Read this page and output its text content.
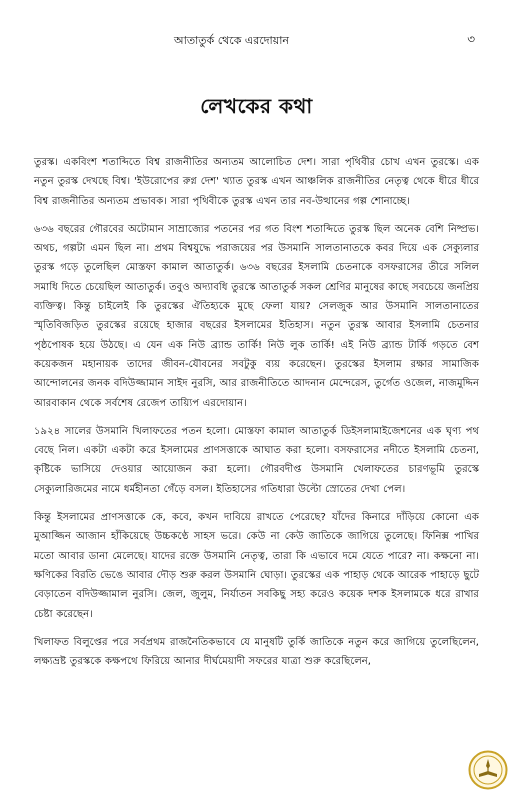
আতাতুর্ক থেকে এরদোয়ান	৩
লেখকের কথা

তুরস্ক। একবিংশ শতাব্দিতে বিশ্ব রাজনীতির অন্যতম আলোচিত দেশ। সারা পৃথিবীর চোখ এখন তুরস্কে। এক নতুন তুরস্ক দেখছে বিশ্ব। 'ইউরোপের রুগ্ন দেশ' খ্যাত তুরস্ক এখন আঞ্চলিক রাজনীতির নেতৃত্ব থেকে ধীরে ধীরে বিশ্ব রাজনীতির অন্যতম প্রভাবক। সারা পৃথিবীকে তুরস্ক এখন তার নব-উত্থানের গল্প শোনাচ্ছে।

৬৩৬ বছরের গৌরবের অটোমান সাম্রাজ্যের পতনের পর গত বিংশ শতাব্দিতে তুরস্ক ছিল অনেক বেশি নিষ্প্রভ। অথচ, গল্পটা এমন ছিল না। প্রথম বিশ্বযুদ্ধে পরাজয়ের পর উসমানি সালতানাতকে কবর দিয়ে এক সেক্যুলার তুরস্ক গড়ে তুলেছিল মোস্তফা কামাল আতাতুর্ক। ৬৩৬ বছরের ইসলামি চেতনাকে বসফরাসের তীরে সলিল সমাধি দিতে চেয়েছিল আতাতুর্ক। তবুও অদ্যাবধি তুরস্কে আতাতুর্ক সকল শ্রেণির মানুষের কাছে সবচেয়ে জনপ্রিয় ব্যক্তিত্ব। কিন্তু চাইলেই কি তুরস্কের ঐতিহ্যকে মুছে ফেলা যায়? সেলজুক আর উসমানি সালতানাতের স্মৃতিবিজড়িত তুরস্কের রয়েছে হাজার বছরের ইসলামের ইতিহাস। নতুন তুরস্ক আবার ইসলামি চেতনার পৃষ্ঠপোষক হয়ে উঠছে। এ যেন এক নিউ ব্র্যান্ড তার্কি! নিউ লুক তার্কি! এই নিউ ব্র্যান্ড টার্কি গড়তে বেশ কয়েকজন মহানায়ক তাদের জীবন-যৌবনের সবটুকু ব্যয় করেছেন। তুরস্কের ইসলাম রক্ষার সামাজিক আন্দোলনের জনক বদিউজ্জামান সাইদ নুরসি, আর রাজনীতিতে আদনান মেন্দেরেস, তুর্গেত ওজেল, নাজমুদ্দিন আরবাকান থেকে সর্বশেষ রেজেপ তায়্যিপ এরদোয়ান।

১৯২৪ সালের উসমানি খিলাফতের পতন হলো। মোস্তফা কামাল আতাতুর্ক ডিইসলামাইজেশনের এক ঘৃণ্য পথ বেছে নিল। একটা একটা করে ইসলামের প্রাণসত্তাকে আঘাত করা হলো। বসফরাসের নদীতে ইসলামি চেতনা, কৃষ্টিকে ভাসিয়ে দেওয়ার আয়োজন করা হলো। গৌরবদীপ্ত উসমানি খেলাফতের চারণভূমি তুরস্কে সেক্যুলারিজমের নামে ধর্মহীনতা গেঁড়ে বসল। ইতিহাসের গতিধারা উল্টো স্রোতের দেখা পেল।

কিন্তু ইসলামের প্রাণসত্তাকে কে, কবে, কখন দাবিয়ে রাখতে পেরেছে? যাঁদের কিনারে দাঁড়িয়ে কোনো এক মুআজ্জিন আজান হাঁকিয়েছে উচ্চকণ্ঠে সাহস ভরে। কেউ না কেউ জাতিকে জাগিয়ে তুলেছে। ফিনিক্স পাখির মতো আবার ডানা মেলেছে। যাদের রক্তে উসমানি নেতৃত্ব, তারা কি এভাবে দমে যেতে পারে? না। কক্ষনো না। ক্ষণিকের বিরতি ভেঙে আবার দৌড় শুরু করল উসমানি ঘোড়া। তুরস্কের এক পাহাড় থেকে আরেক পাহাড়ে ছুটে বেড়াতেন বদিউজ্জামাল নুরসি। জেল, জুলুম, নির্যাতন সবকিছু সহ্য করেও কয়েক দশক ইসলামকে ধরে রাখার চেষ্টা করেছেন।

খিলাফত বিলুপ্তের পরে সর্বপ্রথম রাজনৈতিকভাবে যে মানুষটি তুর্কি জাতিকে নতুন করে জাগিয়ে তুলেছিলেন, লক্ষ্যভ্রষ্ট তুরস্ককে কক্ষপথে ফিরিয়ে আনার দীর্ঘমেয়াদী সফরের যাত্রা শুরু করেছিলেন,
